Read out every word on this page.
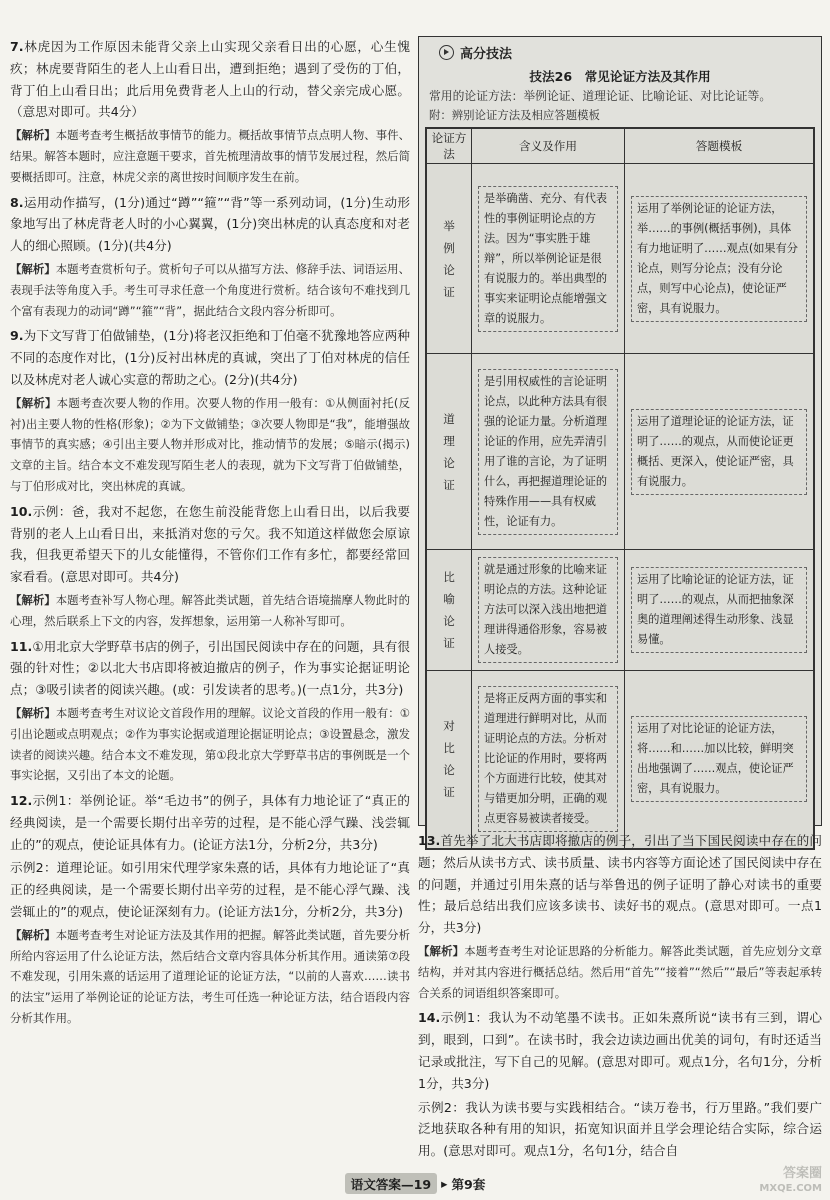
7.林虎因为工作原因未能背父亲上山实现父亲看日出的心愿，心生愧疚；林虎要背陌生的老人上山看日出，遭到拒绝；遇到了受伤的丁伯，背丁伯上山看日出；此后用免费背老人上山的行动，替父亲完成心愿。（意思对即可。共4分）
【解析】本题考查考生概括故事情节的能力。概括故事情节点点明人物、事件、结果。解答本题时，应注意题干要求，首先梳理清故事的情节发展过程，然后简要概括即可。注意，林虎父亲的离世按时间顺序发生在前。
8.运用动作描写，(1分)通过“蹲”“箍”“背”等一系列动词，(1分)生动形象地写出了林虎背老人时的小心翼翼，(1分)突出林虎的认真态度和对老人的细心照顾。(1分)(共4分)
【解析】本题考查赏析句子。赏析句子可以从描写方法、修辞手法、词语运用、表现手法等角度入手。考生可寻求任意一个角度进行赏析。结合该句不难找到几个富有表现力的动词“蹲”“箍”“背”，据此结合文段内容分析即可。
9.为下文写背丁伯做铺垫，(1分)将老汉拒绝和丁伯毫不犹豫地答应两种不同的态度作对比，(1分)反衬出林虎的真诚，突出了丁伯对林虎的信任以及林虎对老人诚心实意的帮助之心。(2分)(共4分)
【解析】本题考查次要人物的作用。次要人物的作用一般有：①从侧面衬托(反衬)出主要人物的性格(形象)；②为下文做铺垫；③次要人物即是“我”，能增强故事情节的真实感；④引出主要人物并形成对比，推动情节的发展；⑤暗示(揭示)文章的主旨。结合本文不难发现写陌生老人的表现，就为下文写背丁伯做铺垫，与丁伯形成对比，突出林虎的真诚。
10.示例：爸，我对不起您，在您生前没能背您上山看日出，以后我要背别的老人上山看日出，来抵消对您的亏欠。我不知道这样做您会原谅我，但我更希望天下的儿女能懂得，不管你们工作有多忙，都要经常回家看看。(意思对即可。共4分)
【解析】本题考查补写人物心理。解答此类试题，首先结合语境揣摩人物此时的心理，然后联系上下文的内容，发挥想象，运用第一人称补写即可。
11.①用北京大学野草书店的例子，引出国民阅读中存在的问题，具有很强的针对性；②以北大书店即将被迫撤店的例子，作为事实论据证明论点；③吸引读者的阅读兴趣。(或：引发读者的思考。)(一点1分，共3分)
【解析】本题考查考生对议论文首段作用的理解。议论文首段的作用一般有：①引出论题或点明观点；②作为事实论据或道理论据证明论点；③设置悬念，激发读者的阅读兴趣。结合本文不难发现，第①段北京大学野草书店的事例既是一个事实论据，又引出了本文的论题。
12.示例1：举例论证。举“毛边书”的例子，具体有力地论证了“真正的经典阅读，是一个需要长期付出辛劳的过程，是不能心浮气躁、浅尝辄止的”的观点，使论证具体有力。(论证方法1分，分析2分，共3分)
示例2：道理论证。如引用宋代理学家朱熹的话，具体有力地论证了“真正的经典阅读，是一个需要长期付出辛劳的过程，是不能心浮气躁、浅尝辄止的”的观点，使论证深刻有力。(论证方法1分，分析2分，共3分)
【解析】本题考查考生对论证方法及其作用的把握。解答此类试题，首先要分析所给内容运用了什么论证方法，然后结合文章内容具体分析其作用。通读第⑦段不难发现，引用朱熹的话运用了道理论证的论证方法，“以前的人喜欢……读书的法宝”运用了举例论证的论证方法，考生可任选一种论证方法，结合语段内容分析其作用。
高分技法
技法26　常见论证方法及其作用
常用的论证方法：举例论证、道理论证、比喻论证、对比论证等。
附：辨别论证方法及相应答题模板
论证方法	含义及作用	答题模板
举例论证	是举确凿、充分、有代表性的事例证明论点的方法。因为“事实胜于雄辩”，所以举例论证是很有说服力的。举出典型的事实来证明论点能增强文章的说服力。	运用了举例论证的论证方法，举……的事例(概括事例)，具体有力地证明了……观点(如果有分论点，则写分论点；没有分论点，则写中心论点)，使论证严密，具有说服力。

道理论证	是引用权威性的言论证明论点，以此种方法具有很强的论证力量。分析道理论证的作用，应先弄清引用了谁的言论，为了证明什么，再把握道理论证的特殊作用——具有权威性，论证有力。	运用了道理论证的论证方法，证明了……的观点，从而使论证更概括、更深入，使论证严密，具有说服力。

比喻论证	就是通过形象的比喻来证明论点的方法。这种论证方法可以深入浅出地把道理讲得通俗形象，容易被人接受。	运用了比喻论证的论证方法，证明了……的观点，从而把抽象深奥的道理阐述得生动形象、浅显易懂。

对比论证	是将正反两方面的事实和道理进行鲜明对比，从而证明论点的方法。分析对比论证的作用时，要将两个方面进行比较，使其对与错更加分明，正确的观点更容易被读者接受。	运用了对比论证的论证方法，将……和……加以比较，鲜明突出地强调了……观点，使论证严密，具有说服力。
13.首先举了北大书店即将撤店的例子，引出了当下国民阅读中存在的问题；然后从读书方式、读书质量、读书内容等方面论述了国民阅读中存在的问题，并通过引用朱熹的话与举鲁迅的例子证明了静心对读书的重要性；最后总结出我们应该多读书、读好书的观点。(意思对即可。一点1分，共3分)
【解析】本题考查考生对论证思路的分析能力。解答此类试题，首先应划分文章结构，并对其内容进行概括总结。然后用“首先”“接着”“然后”“最后”等表起承转合关系的词语组织答案即可。
14.示例1：我认为不动笔墨不读书。正如朱熹所说“读书有三到，谓心到，眼到，口到”。在读书时，我会边读边画出优美的词句，有时还适当记录或批注，写下自己的见解。(意思对即可。观点1分，名句1分，分析1分，共3分)
示例2：我认为读书要与实践相结合。“读万卷书，行万里路。”我们要广泛地获取各种有用的知识，拓宽知识面并且学会理论结合实际，综合运用。(意思对即可。观点1分，名句1分，结合自
语文答案—19 ▸ 第9套
答案圈
MXQE.COM
